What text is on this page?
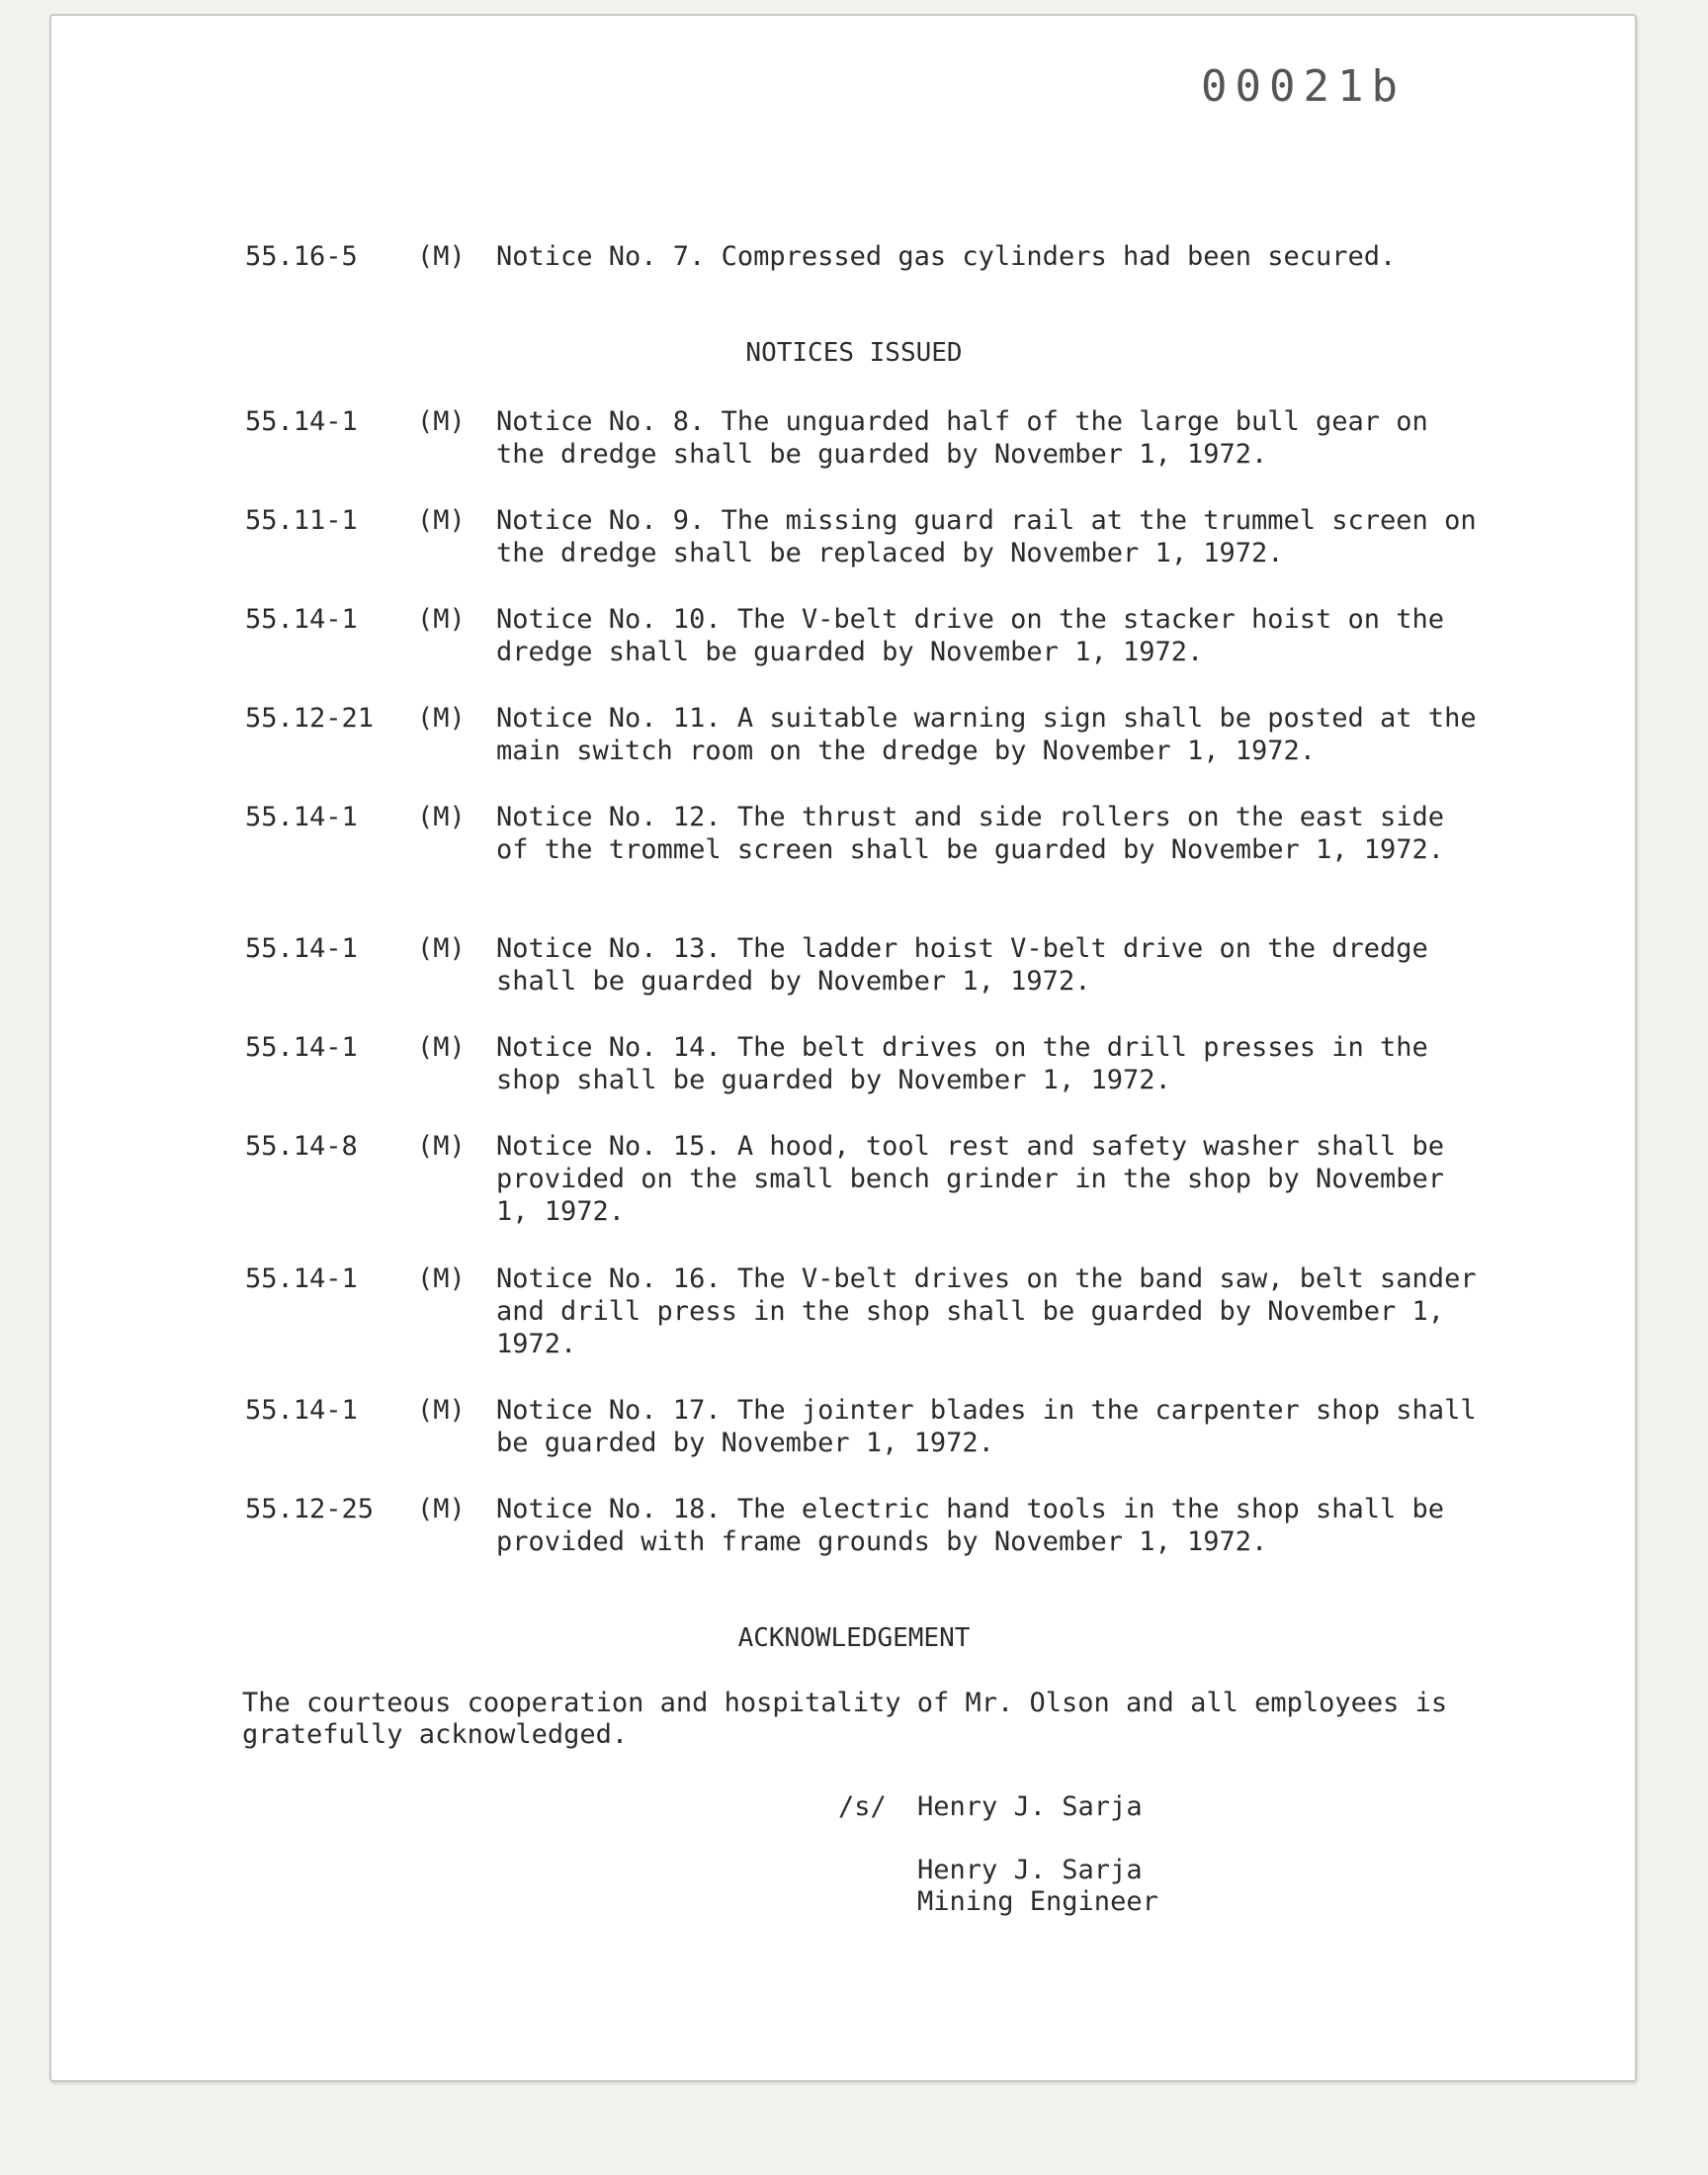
00021b
55.16-5 (M) Notice No. 7. Compressed gas cylinders had been secured.
NOTICES ISSUED
55.14-1 (M) Notice No. 8. The unguarded half of the large bull gear on the dredge shall be guarded by November 1, 1972.
55.11-1 (M) Notice No. 9. The missing guard rail at the trummel screen on the dredge shall be replaced by November 1, 1972.
55.14-1 (M) Notice No. 10. The V-belt drive on the stacker hoist on the dredge shall be guarded by November 1, 1972.
55.12-21 (M) Notice No. 11. A suitable warning sign shall be posted at the main switch room on the dredge by November 1, 1972.
55.14-1 (M) Notice No. 12. The thrust and side rollers on the east side of the trommel screen shall be guarded by November 1, 1972.
55.14-1 (M) Notice No. 13. The ladder hoist V-belt drive on the dredge shall be guarded by November 1, 1972.
55.14-1 (M) Notice No. 14. The belt drives on the drill presses in the shop shall be guarded by November 1, 1972.
55.14-8 (M) Notice No. 15. A hood, tool rest and safety washer shall be provided on the small bench grinder in the shop by November 1, 1972.
55.14-1 (M) Notice No. 16. The V-belt drives on the band saw, belt sander and drill press in the shop shall be guarded by November 1, 1972.
55.14-1 (M) Notice No. 17. The jointer blades in the carpenter shop shall be guarded by November 1, 1972.
55.12-25 (M) Notice No. 18. The electric hand tools in the shop shall be provided with frame grounds by November 1, 1972.
ACKNOWLEDGEMENT
The courteous cooperation and hospitality of Mr. Olson and all employees is gratefully acknowledged.
/s/ Henry J. Sarja
Henry J. Sarja
Mining Engineer
